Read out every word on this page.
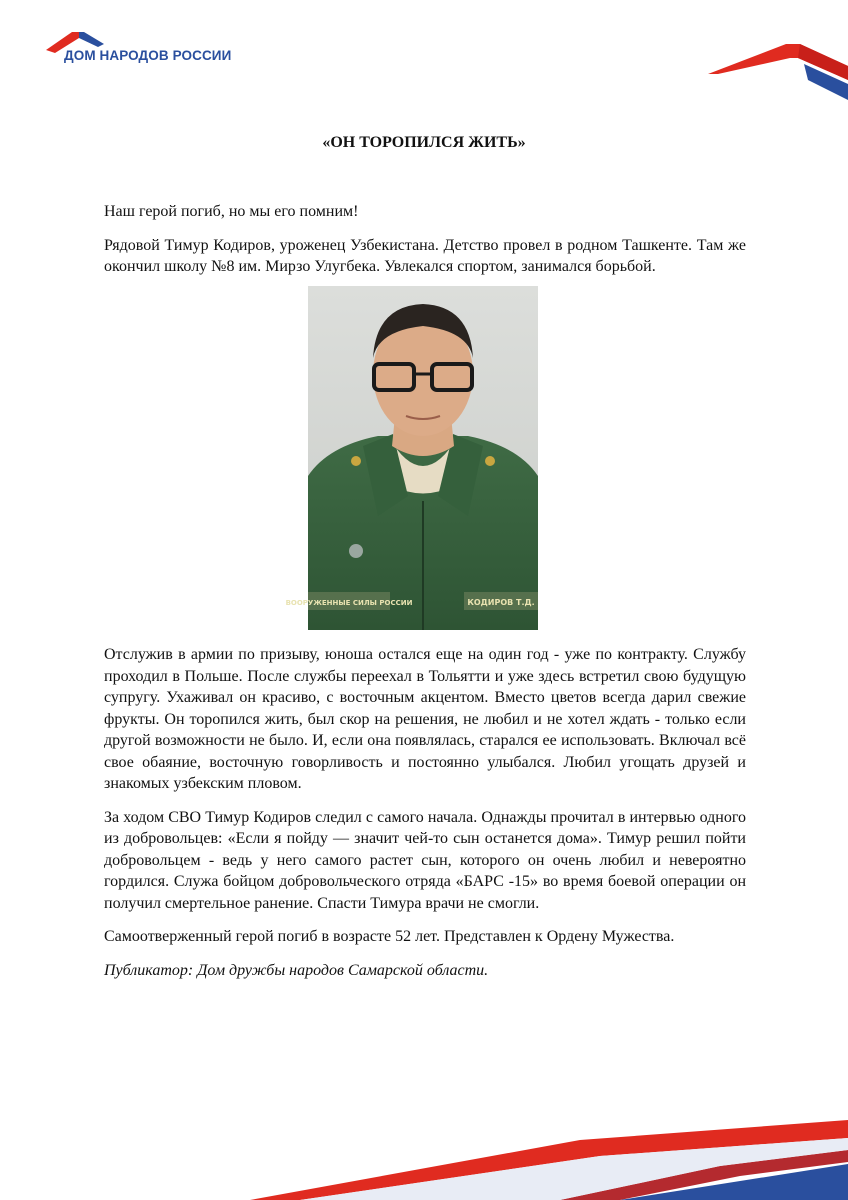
ДОМ НАРОДОВ РОССИИ
«ОН ТОРОПИЛСЯ ЖИТЬ»

Наш герой погиб, но мы его помним!

Рядовой Тимур Кодиров, уроженец Узбекистана. Детство провел в родном Ташкенте. Там же окончил школу №8 им. Мирзо Улугбека. Увлекался спортом, занимался борьбой.

ВООРУЖЕННЫЕ СИЛЫ РОССИИ	КОДИРОВ Т.Д.

Отслужив в армии по призыву, юноша остался еще на один год - уже по контракту. Службу проходил в Польше. После службы переехал в Тольятти и уже здесь встретил свою будущую супругу. Ухаживал он красиво, с восточным акцентом. Вместо цветов всегда дарил свежие фрукты. Он торопился жить, был скор на решения, не любил и не хотел ждать - только если другой возможности не было. И, если она появлялась, старался ее использовать. Включал всё свое обаяние, восточную говорливость и постоянно улыбался. Любил угощать друзей и знакомых узбекским пловом.

За ходом СВО Тимур Кодиров следил с самого начала. Однажды прочитал в интервью одного из добровольцев: «Если я пойду — значит чей-то сын останется дома». Тимур решил пойти добровольцем - ведь у него самого растет сын, которого он очень любил и невероятно гордился. Служа бойцом добровольческого отряда «БАРС -15» во время боевой операции он получил смертельное ранение. Спасти Тимура врачи не смогли.

Самоотверженный герой погиб в возрасте 52 лет. Представлен к Ордену Мужества.

Публикатор: Дом дружбы народов Самарской области.
